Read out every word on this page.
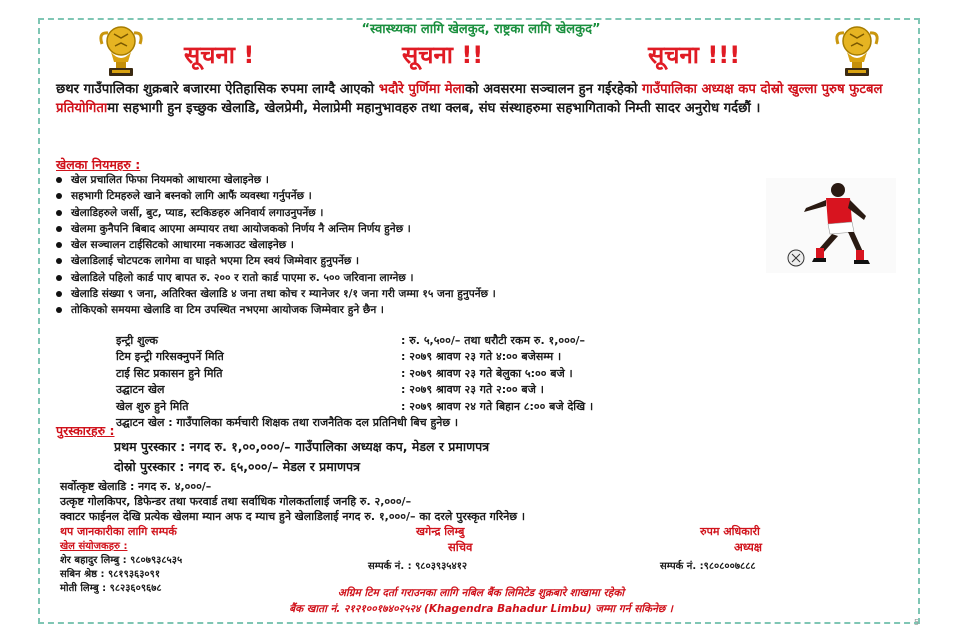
“स्वास्थ्यका लागि खेलकुद, राष्ट्रका लागि खेलकुद”
सूचना !	सूचना !!	सूचना !!!
छथर गाउँपालिका शुक्रबारे बजारमा ऐतिहासिक रुपमा लाग्दै आएको भदौरे पुर्णिमा मेलाको अवसरमा सञ्चालन हुन गईरहेको गाउँपालिका अध्यक्ष कप दोस्रो खुल्ला पुरुष फुटबल प्रतियोगितामा सहभागी हुन इच्छुक खेलाडि, खेलप्रेमी, मेलाप्रेमी महानुभावहरु तथा क्लब, संघ संस्थाहरुमा सहभागिताको निम्ती सादर अनुरोध गर्दछौं ।
खेलका नियमहरु :
खेल प्रचालित फिफा नियमको आधारमा खेलाइनेछ ।
सहभागी टिमहरुले खाने बस्नको लागि आफैं व्यवस्था गर्नुपर्नेछ ।
खेलाडिहरुले जर्सी, बुट, प्याड, स्टकिङहरु अनिवार्य लगाउनुपर्नेछ ।
खेलमा कुनैपनि बिबाद आएमा अम्पायर तथा आयोजकको निर्णय नै अन्तिम निर्णय हुनेछ ।
खेल सञ्चालन टाईसिटको आधारमा नकआउट खेलाइनेछ ।
खेलाडिलाई चोटपटक लागेमा वा घाइते भएमा टिम स्वयं जिम्मेवार हुनुपर्नेछ ।
खेलाडिले पहिलो कार्ड पाए बापत रु. २०० र रातो कार्ड पाएमा रु. ५०० जरिवाना लाग्नेछ ।
खेलाडि संख्या ९ जना, अतिरिक्त खेलाडि ४ जना तथा कोच र म्यानेजर १/१ जना गरी जम्मा १५ जना हुनुपर्नेछ ।
तोकिएको समयमा खेलाडि वा टिम उपस्थित नभएमा आयोजक जिम्मेवार हुने छैन ।
इन्ट्री शुल्क	: रु. ५,५००/– तथा धरौटी रकम रु. १,०००/–
टिम इन्ट्री गरिसक्नुपर्ने मिति	: २०७९ श्रावण २३ गते ४:०० बजेसम्म ।
टाई सिट प्रकासन हुने मिति	: २०७९ श्रावण २३ गते बेलुका ५:०० बजे ।
उद्घाटन खेल	: २०७९ श्रावण २३ गते २:०० बजे ।
खेल शुरु हुने मिति	: २०७९ श्रावण २४ गते बिहान ८:०० बजे देखि ।
उद्घाटन खेल : गाउँपालिका कर्मचारी शिक्षक तथा राजनैतिक दल प्रतिनिधी बिच हुनेछ ।
पुरस्कारहरु :
प्रथम पुरस्कार : नगद रु. १,००,०००/– गाउँपालिका अध्यक्ष कप, मेडल र प्रमाणपत्र
दोस्रो पुरस्कार : नगद रु. ६५,०००/– मेडल र प्रमाणपत्र
सर्वोत्कृष्ट खेलाडि : नगद रु. ४,०००/–
उत्कृष्ट गोलकिपर, डिफेन्डर तथा फरवार्ड तथा सर्वाधिक गोलकर्तालाई जनहि रु. २,०००/–
क्वाटर फाईनल देखि प्रत्येक खेलमा म्यान अफ द म्याच हुने खेलाडिलाई नगद रु. १,०००/– का दरले पुरस्कृत गरिनेछ ।
थप जानकारीका लागि सम्पर्क
खेल संयोजकहरु :
शेर बहादुर लिम्बु : ९८०७९३८५३५
सबिन श्रेष्ठ : ९८१९३६३०९१
मोती लिम्बु : ९८२३६०९६७८
खगेन्द्र लिम्बु
सचिव
सम्पर्क नं. : ९८०३९३५४१२
रुपम अधिकारी
अध्यक्ष
सम्पर्क नं. :९८०८००७८८८
अग्रिम टिम दर्ता गराउनका लागि नबिल बैंक लिमिटेड शुक्रबारे शाखामा रहेको
बैंक खाता नं. २१२१००१७४०२५२४ (Khagendra Bahadur Limbu) जम्मा गर्न सकिनेछ ।
5
